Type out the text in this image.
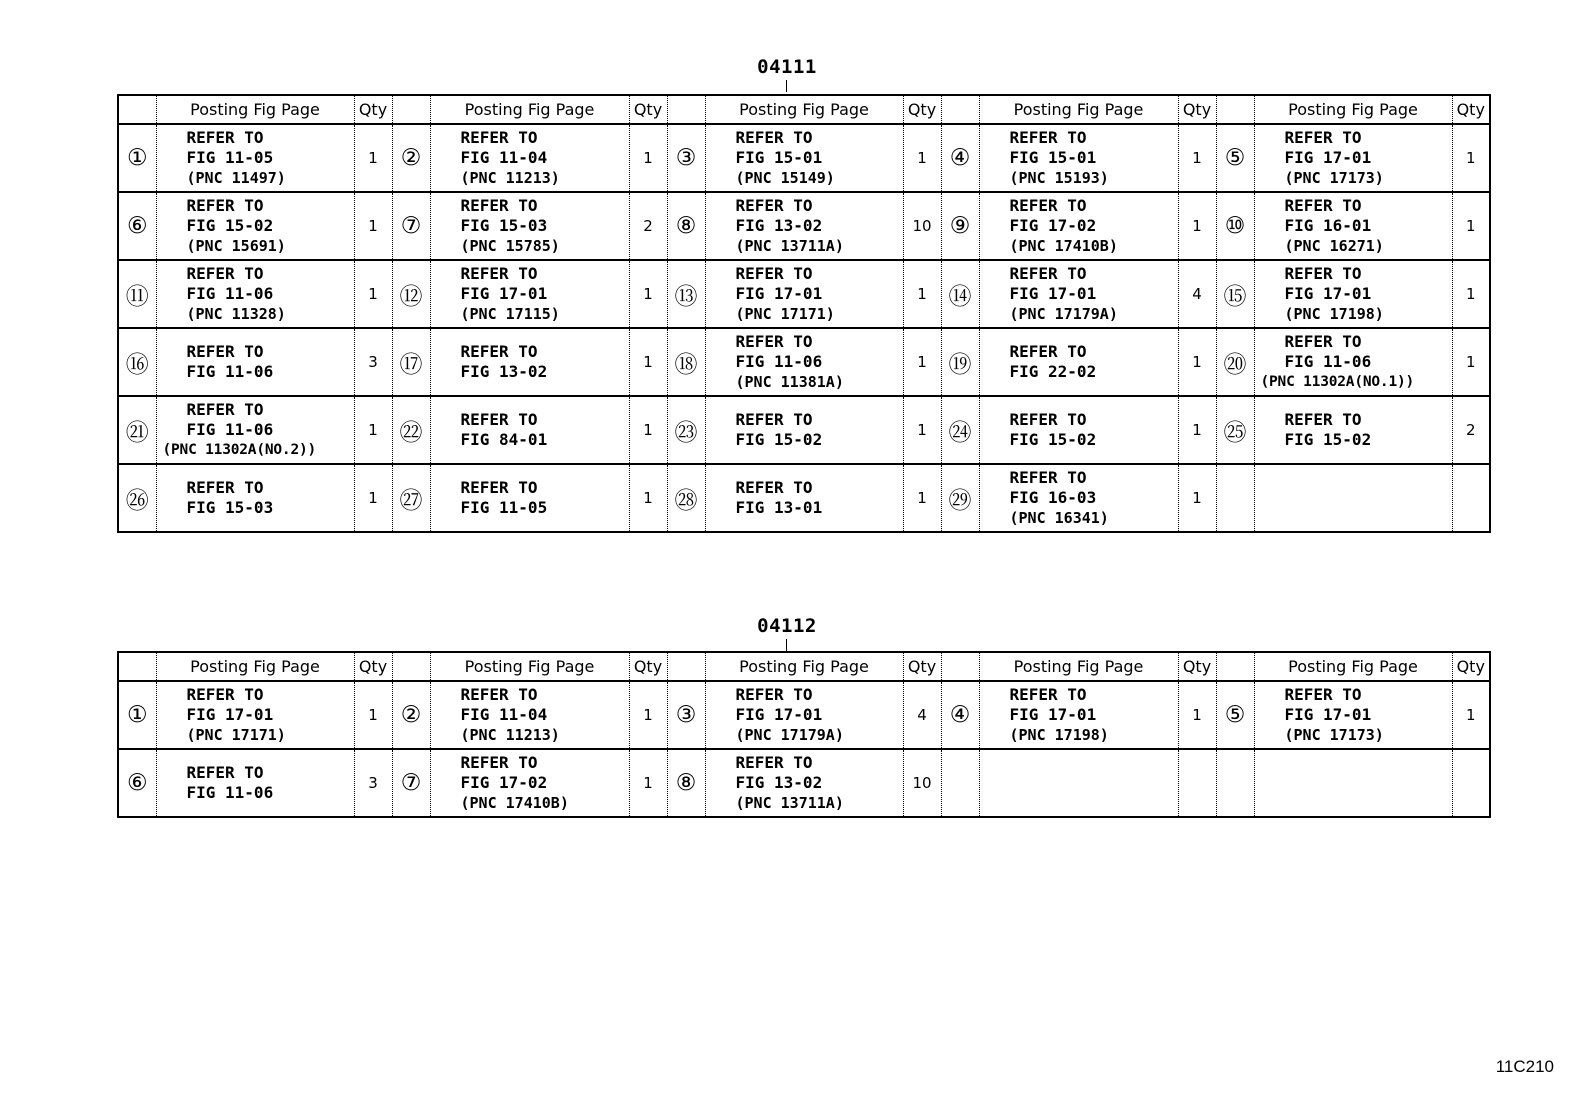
04111
	Posting Fig Page	Qty		Posting Fig Page	Qty		Posting Fig Page	Qty		Posting Fig Page	Qty		Posting Fig Page	Qty
①	REFER TO
FIG 11-05
(PNC 11497)	1	②	REFER TO
FIG 11-04
(PNC 11213)	1	③	REFER TO
FIG 15-01
(PNC 15149)	1	④	REFER TO
FIG 15-01
(PNC 15193)	1	⑤	REFER TO
FIG 17-01
(PNC 17173)	1
⑥	REFER TO
FIG 15-02
(PNC 15691)	1	⑦	REFER TO
FIG 15-03
(PNC 15785)	2	⑧	REFER TO
FIG 13-02
(PNC 13711A)	10	⑨	REFER TO
FIG 17-02
(PNC 17410B)	1	⑩	REFER TO
FIG 16-01
(PNC 16271)	1
⑪	REFER TO
FIG 11-06
(PNC 11328)	1	⑫	REFER TO
FIG 17-01
(PNC 17115)	1	⑬	REFER TO
FIG 17-01
(PNC 17171)	1	⑭	REFER TO
FIG 17-01
(PNC 17179A)	4	⑮	REFER TO
FIG 17-01
(PNC 17198)	1
⑯	REFER TO
FIG 11-06	3	⑰	REFER TO
FIG 13-02	1	⑱	REFER TO
FIG 11-06
(PNC 11381A)	1	⑲	REFER TO
FIG 22-02	1	⑳	REFER TO
FIG 11-06
(PNC 11302A(NO.1))	1
㉑	REFER TO
FIG 11-06
(PNC 11302A(NO.2))	1	㉒	REFER TO
FIG 84-01	1	㉓	REFER TO
FIG 15-02	1	㉔	REFER TO
FIG 15-02	1	㉕	REFER TO
FIG 15-02	2
㉖	REFER TO
FIG 15-03	1	㉗	REFER TO
FIG 11-05	1	㉘	REFER TO
FIG 13-01	1	㉙	REFER TO
FIG 16-03
(PNC 16341)	1			
04112
	Posting Fig Page	Qty		Posting Fig Page	Qty		Posting Fig Page	Qty		Posting Fig Page	Qty		Posting Fig Page	Qty
①	REFER TO
FIG 17-01
(PNC 17171)	1	②	REFER TO
FIG 11-04
(PNC 11213)	1	③	REFER TO
FIG 17-01
(PNC 17179A)	4	④	REFER TO
FIG 17-01
(PNC 17198)	1	⑤	REFER TO
FIG 17-01
(PNC 17173)	1
⑥	REFER TO
FIG 11-06	3	⑦	REFER TO
FIG 17-02
(PNC 17410B)	1	⑧	REFER TO
FIG 13-02
(PNC 13711A)	10						
11C210
